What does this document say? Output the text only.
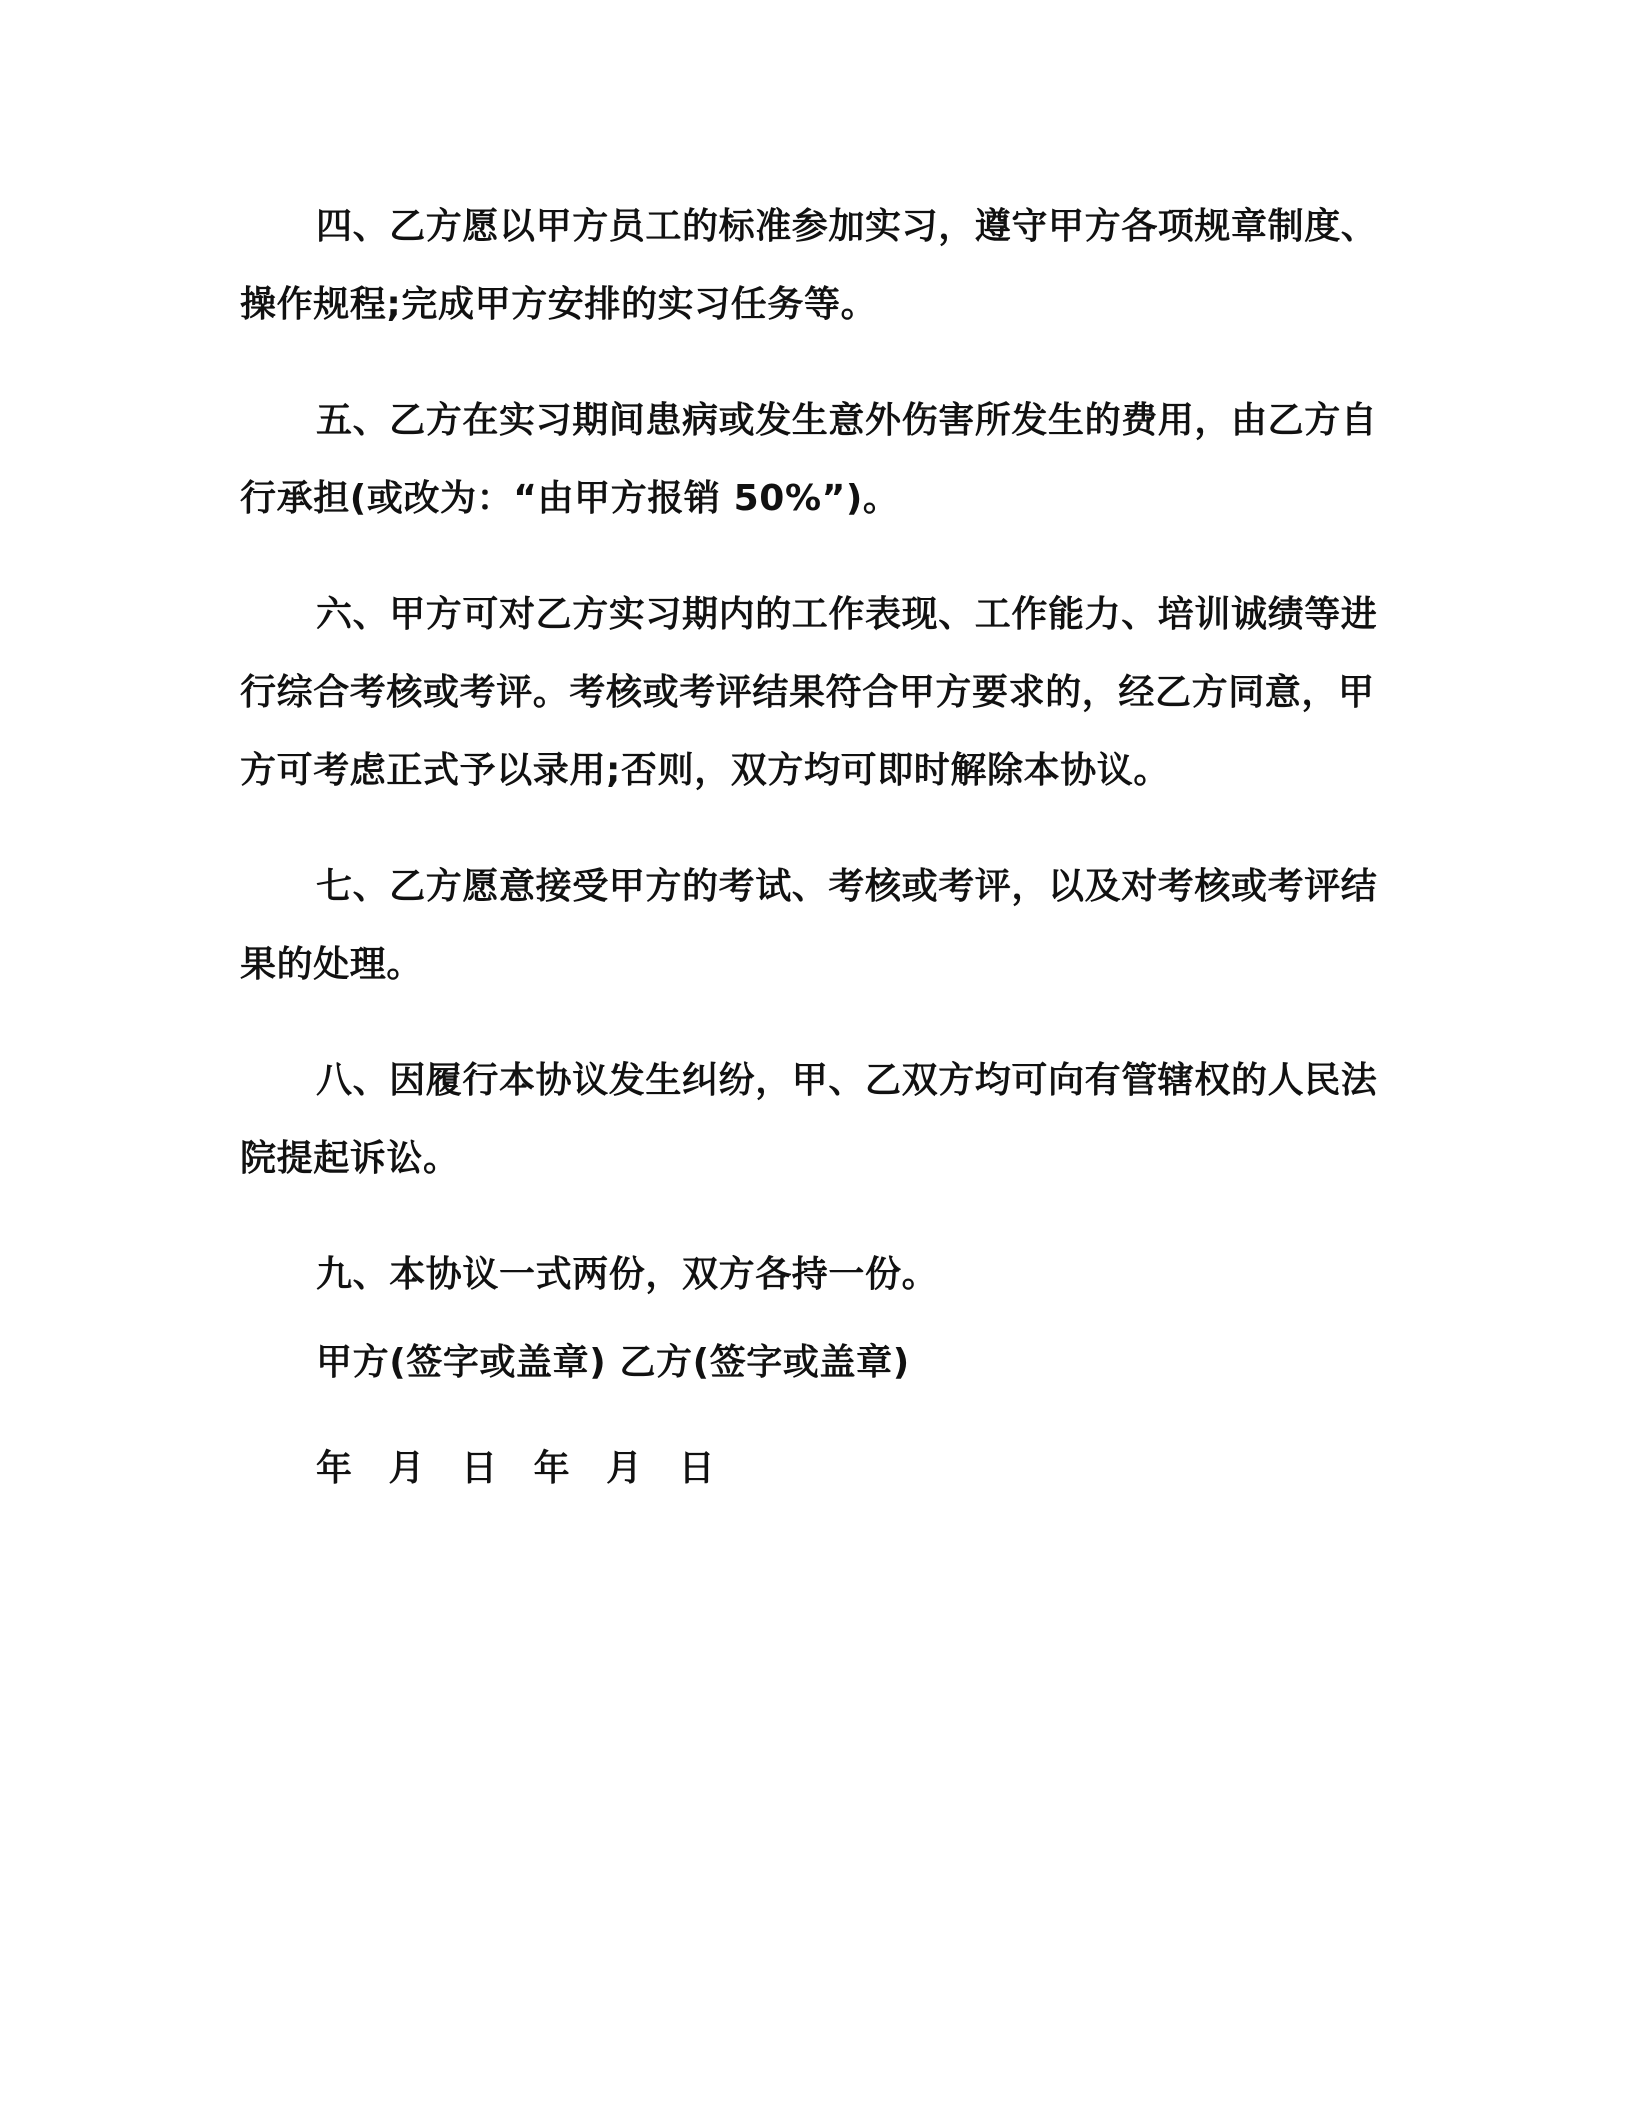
四、乙方愿以甲方员工的标准参加实习，遵守甲方各项规章制度、操作规程;完成甲方安排的实习任务等。

五、乙方在实习期间患病或发生意外伤害所发生的费用，由乙方自行承担(或改为：“由甲方报销 50%”)。

六、甲方可对乙方实习期内的工作表现、工作能力、培训诚绩等进行综合考核或考评。考核或考评结果符合甲方要求的，经乙方同意，甲方可考虑正式予以录用;否则，双方均可即时解除本协议。

七、乙方愿意接受甲方的考试、考核或考评，以及对考核或考评结果的处理。

八、因履行本协议发生纠纷，甲、乙双方均可向有管辖权的人民法院提起诉讼。

九、本协议一式两份，双方各持一份。

甲方(签字或盖章) 乙方(签字或盖章)

年 月 日 年 月 日
